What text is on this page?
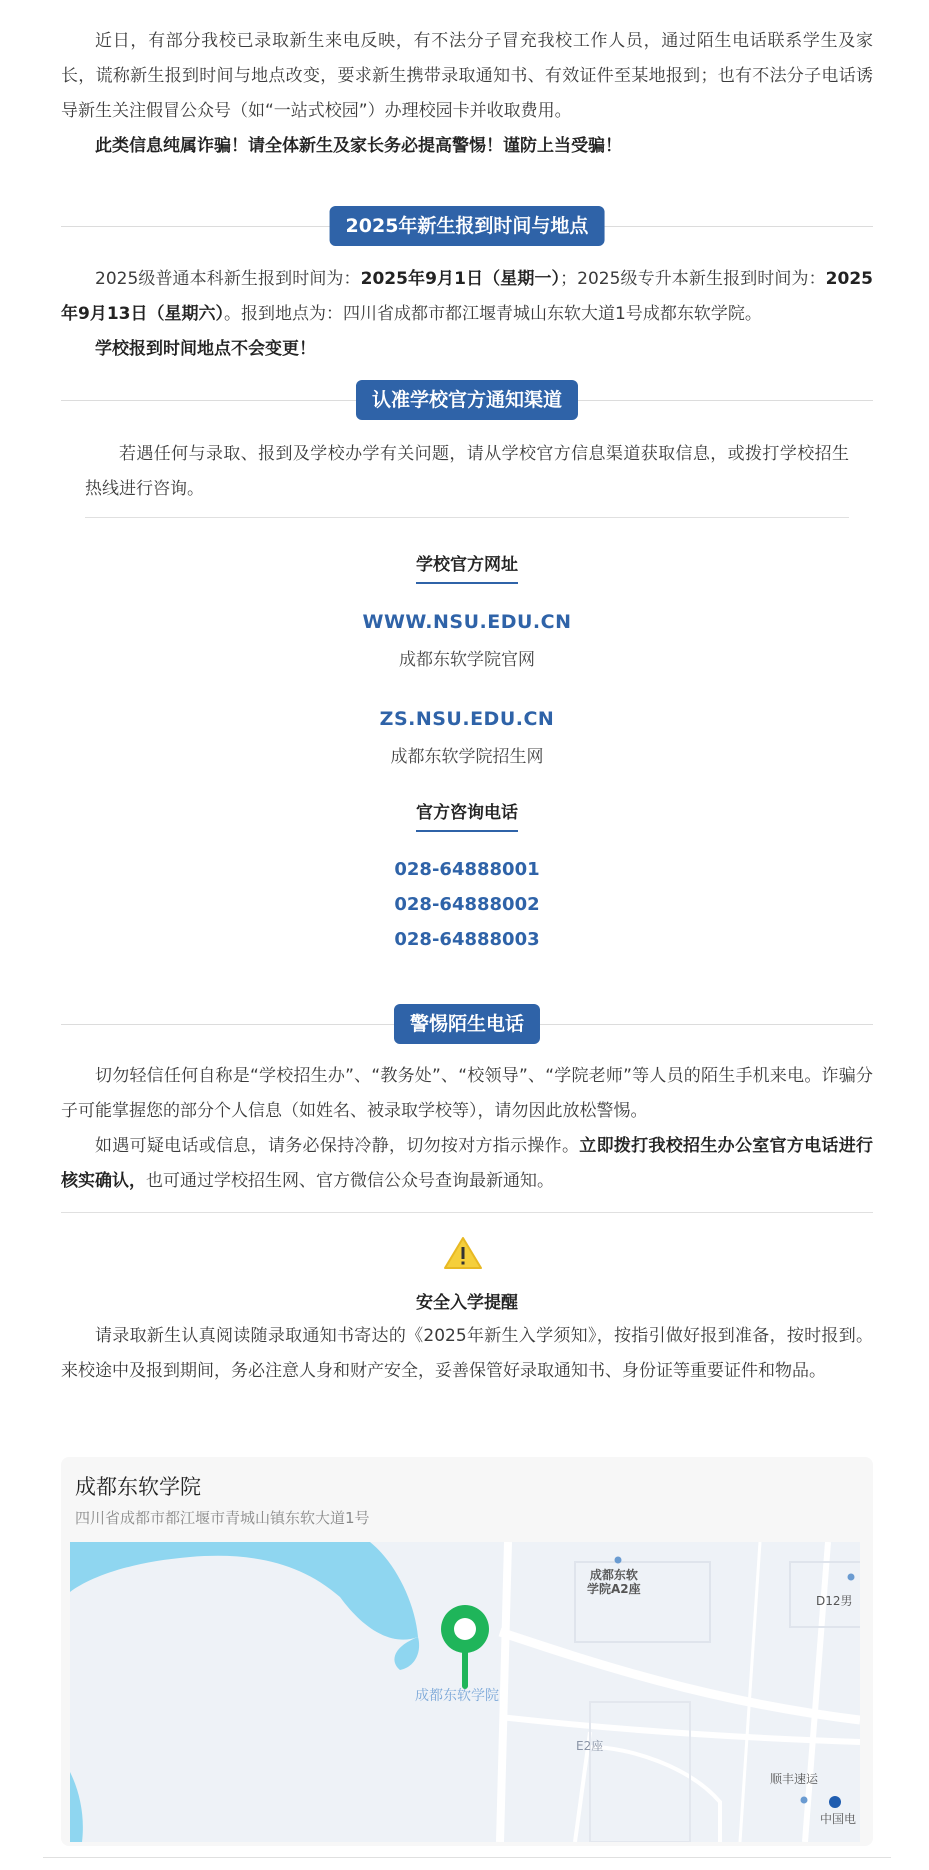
近日，有部分我校已录取新生来电反映，有不法分子冒充我校工作人员，通过陌生电话联系学生及家长，谎称新生报到时间与地点改变，要求新生携带录取通知书、有效证件至某地报到；也有不法分子电话诱导新生关注假冒公众号（如“一站式校园”）办理校园卡并收取费用。

此类信息纯属诈骗！请全体新生及家长务必提高警惕！谨防上当受骗！

2025年新生报到时间与地点

2025级普通本科新生报到时间为：2025年9月1日（星期一）；2025级专升本新生报到时间为：2025年9月13日（星期六）。报到地点为：四川省成都市都江堰青城山东软大道1号成都东软学院。

学校报到时间地点不会变更！

认准学校官方通知渠道

若遇任何与录取、报到及学校办学有关问题，请从学校官方信息渠道获取信息，或拨打学校招生热线进行咨询。

学校官方网址
WWW.NSU.EDU.CN
成都东软学院官网
ZS.NSU.EDU.CN
成都东软学院招生网
官方咨询电话
028-64888001
028-64888002
028-64888003
警惕陌生电话

切勿轻信任何自称是“学校招生办”、“教务处”、“校领导”、“学院老师”等人员的陌生手机来电。诈骗分子可能掌握您的部分个人信息（如姓名、被录取学校等），请勿因此放松警惕。

如遇可疑电话或信息，请务必保持冷静，切勿按对方指示操作。立即拨打我校招生办公室官方电话进行核实确认，也可通过学校招生网、官方微信公众号查询最新通知。

安全入学提醒

请录取新生认真阅读随录取通知书寄达的《2025年新生入学须知》，按指引做好报到准备，按时报到。来校途中及报到期间，务必注意人身和财产安全，妥善保管好录取通知书、身份证等重要证件和物品。

成都东软学院
四川省成都市都江堰市青城山镇东软大道1号
成都东软
学院A2座
D12男
成都东软学院
E2座
顺丰速运
中国电
